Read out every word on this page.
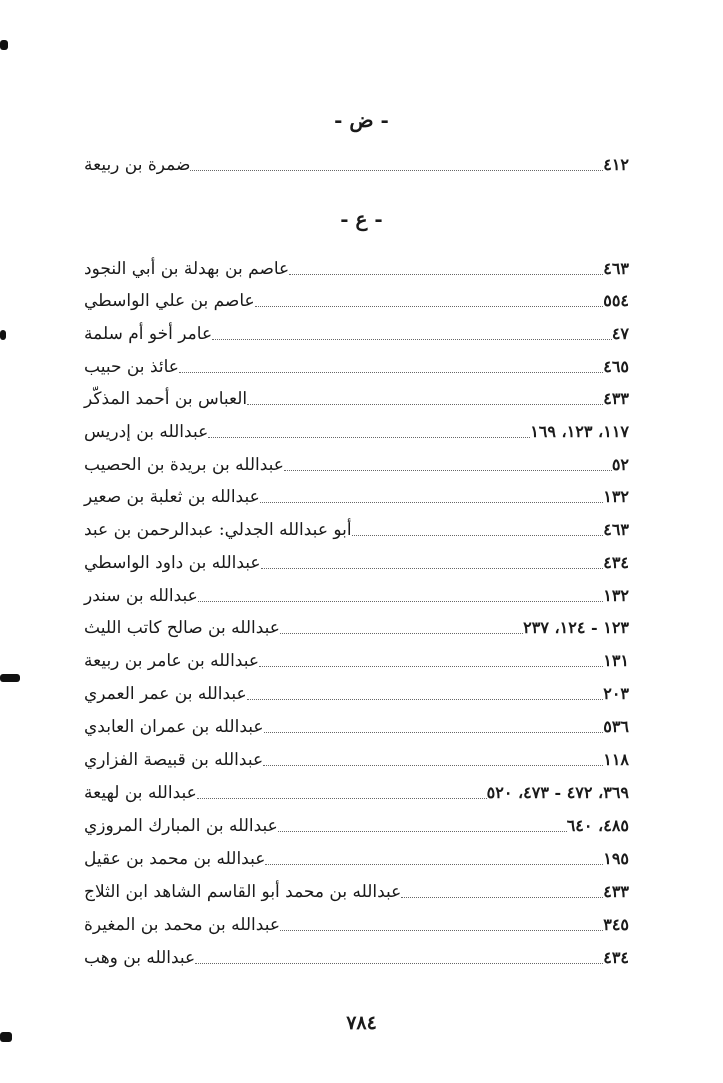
- ض -
ضمرة بن ربيعة	٤١٢
- ع -
عاصم بن بهدلة بن أبي النجود	٤٦٣
عاصم بن علي الواسطي	٥٥٤
عامر أخو أم سلمة	٤٧
عائذ بن حبيب	٤٦٥
العباس بن أحمد المذكّر	٤٣٣
عبدالله بن إدريس	١١٧، ١٢٣، ١٦٩
عبدالله بن بريدة بن الحصيب	٥٢
عبدالله بن ثعلبة بن صعير	١٣٢
أبو عبدالله الجدلي: عبدالرحمن بن عبد	٤٦٣
عبدالله بن داود الواسطي	٤٣٤
عبدالله بن سندر	١٣٢
عبدالله بن صالح كاتب الليث	١٢٣ - ١٢٤، ٢٣٧
عبدالله بن عامر بن ربيعة	١٣١
عبدالله بن عمر العمري	٢٠٣
عبدالله بن عمران العابدي	٥٣٦
عبدالله بن قبيصة الفزاري	١١٨
عبدالله بن لهيعة	٣٦٩، ٤٧٢ - ٤٧٣، ٥٢٠
عبدالله بن المبارك المروزي	٤٨٥، ٦٤٠
عبدالله بن محمد بن عقيل	١٩٥
عبدالله بن محمد أبو القاسم الشاهد ابن الثلاج	٤٣٣
عبدالله بن محمد بن المغيرة	٣٤٥
عبدالله بن وهب	٤٣٤
٧٨٤
